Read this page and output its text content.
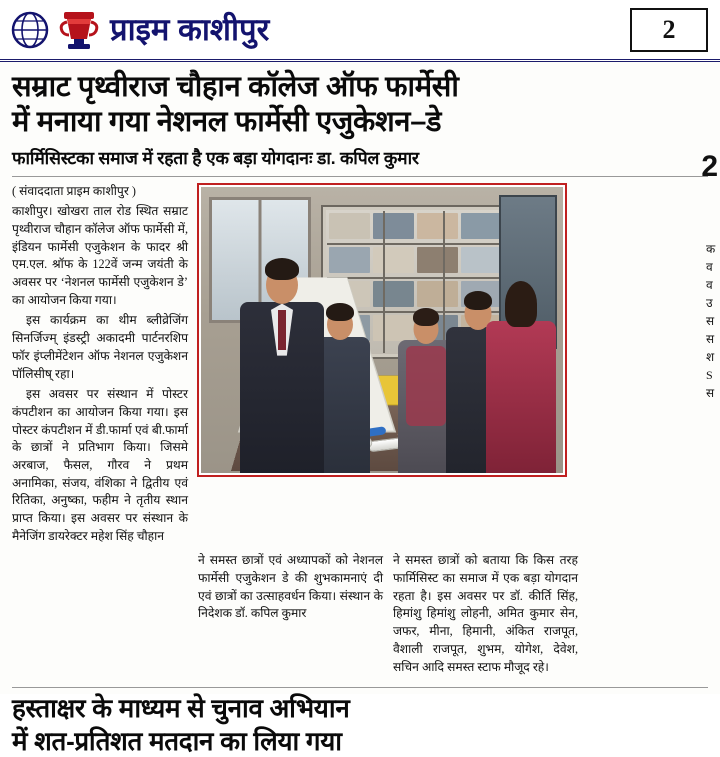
प्राइम काशीपुर	2
सम्राट पृथ्वीराज चौहान कॉलेज ऑफ फार्मेसी
में मनाया गया नेशनल फार्मेसी एजुकेशन–डे
फार्मिसिस्टका समाज में रहता है एक बड़ा योगदानः डा. कपिल कुमार

( संवाददाता प्राइम काशीपुर )

काशीपुर। खोखरा ताल रोड स्थित सम्राट पृथ्वीराज चौहान कॉलेज ऑफ फार्मेसी में, इंडियन फार्मेसी एजुकेशन के फादर श्री एम.एल. श्रॉफ के 122वें जन्म जयंती के अवसर पर ‘नेशनल फार्मेसी एजुकेशन डे’ का आयोजन किया गया।

इस कार्यक्रम का थीम ब्लीव्रेजिंग सिनर्जिज्म् इंडस्ट्री अकादमी पार्टनरशिप फॉर इंप्लीमेंटेशन ऑफ नेशनल एजुकेशन पॉलिसीष् रहा।

इस अवसर पर संस्थान में पोस्टर कंपटीशन का आयोजन किया गया। इस पोस्टर कंपटीशन में डी.फार्मा एवं बी.फार्मा के छात्रों ने प्रतिभाग किया। जिसमे अरबाज, फैसल, गौरव ने प्रथम अनामिका, संजय, वंशिका ने द्वितीय एवं रितिका, अनुष्का, फहीम ने तृतीय स्थान प्राप्त किया। इस अवसर पर संस्थान के मैनेजिंग डायरेक्टर महेश सिंह चौहान

ने समस्त छात्रों एवं अध्यापकों को नेशनल फार्मेसी एजुकेशन डे की शुभकामनाएं दी एवं छात्रों का उत्साहवर्धन किया। संस्थान के निदेशक डॉ. कपिल कुमार

ने समस्त छात्रों को बताया कि किस तरह फार्मिसिस्ट का समाज में एक बड़ा योगदान रहता है। इस अवसर पर डॉ. कीर्ति सिंह, हिमांशु हिमांशु लोहनी, अमित कुमार सेन, जफर, मीना, हिमानी, अंकित राजपूत, वैशाली राजपूत, शुभम, योगेश, देवेश, सचिन आदि समस्त स्टाफ मौजूद रहे।

हस्ताक्षर के माध्यम से चुनाव अभियान
में शत-प्रतिशत मतदान का लिया गया
क
व
व
उ
स
स
श
S
स
2
